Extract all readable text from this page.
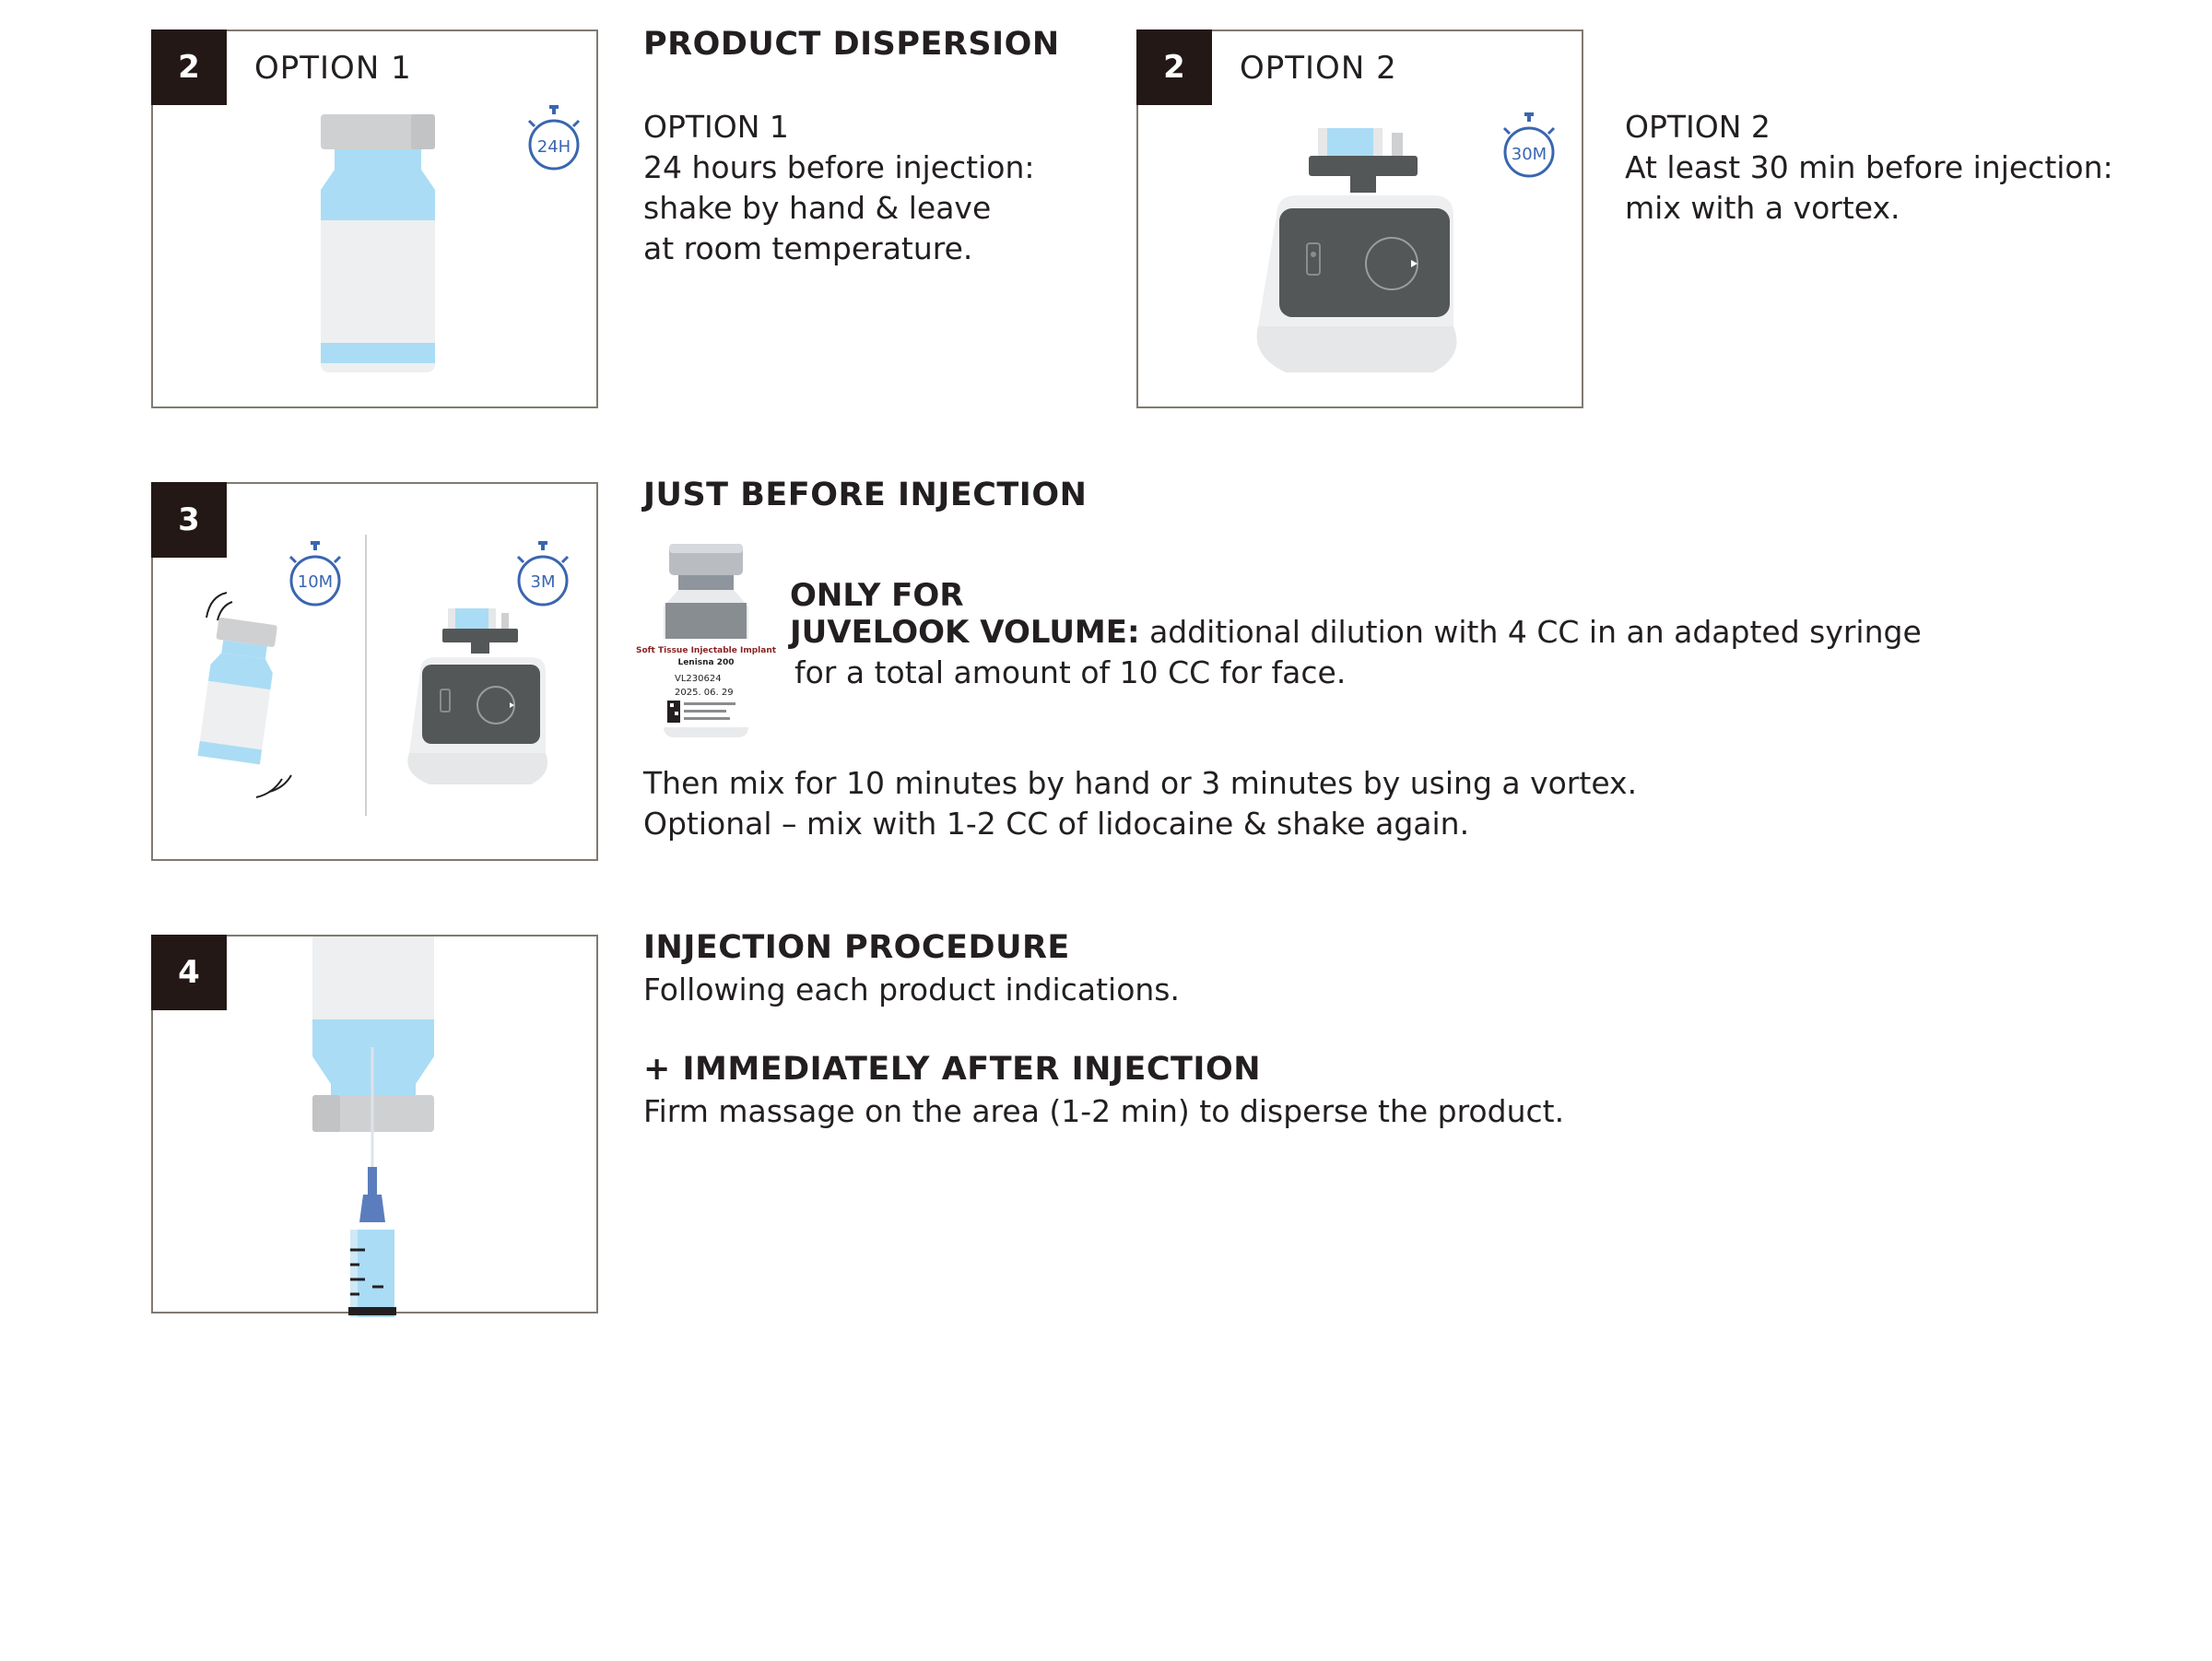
24H
2	OPTION 1
PRODUCT DISPERSION
OPTION 1
24 hours before injection:
shake by hand & leave
at room temperature.
30M
2	OPTION 2
OPTION 2
At least 30 min before injection:
mix with a vortex.
10M	3M
3
JUST BEFORE INJECTION
Soft Tissue Injectable Implant
Lenisna 200
VL230624
2025. 06. 29
ONLY FOR
JUVELOOK VOLUME: additional dilution with 4 CC in an adapted syringe
for a total amount of 10 CC for face.
Then mix for 10 minutes by hand or 3 minutes by using a vortex.
Optional – mix with 1-2 CC of lidocaine & shake again.
4
INJECTION PROCEDURE
Following each product indications.
+ IMMEDIATELY AFTER INJECTION
Firm massage on the area (1-2 min) to disperse the product.
